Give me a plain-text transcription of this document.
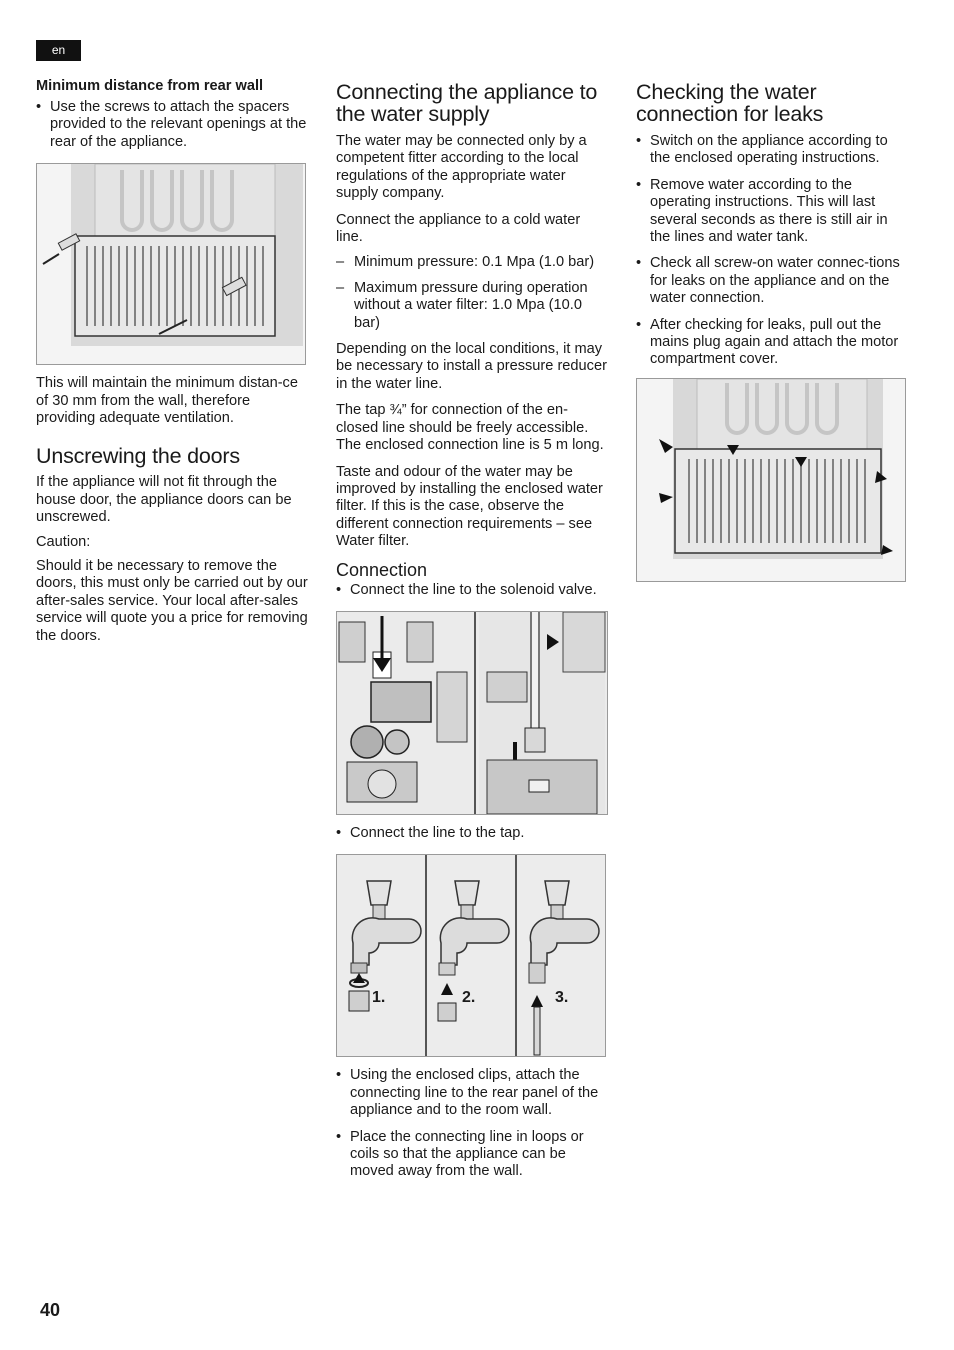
en

Minimum distance from rear wall

• Use the screws to attach the spacers provided to the relevant openings at the rear of the appliance.

This will maintain the minimum distan-ce of 30 mm from the wall, therefore providing adequate ventilation.

Unscrewing the doors

If the appliance will not fit through the house door, the appliance doors can be unscrewed.

Caution:

Should it be necessary to remove the doors, this must only be carried out by our after-sales service. Your local after-sales service will quote you a price for removing the doors.

Connecting the appliance to the water supply

The water may be connected only by a competent fitter according to the local regulations of the appropriate water supply company.

Connect the appliance to a cold water line.

– Minimum pressure: 0.1 Mpa (1.0 bar)
– Maximum pressure during operation without a water filter: 1.0 Mpa (10.0 bar)

Depending on the local conditions, it may be necessary to install a pressure reducer in the water line.

The tap ¾” for connection of the en-closed line should be freely accessible. The enclosed connection line is 5 m long.

Taste and odour of the water may be improved by installing the enclosed water filter. If this is the case, observe the different connection requirements – see Water filter.

Connection
• Connect the line to the solenoid valve.
• Connect the line to the tap.
1.	2.	3.
• Using the enclosed clips, attach the connecting line to the rear panel of the appliance and to the room wall.
• Place the connecting line in loops or coils so that the appliance can be moved away from the wall.
Checking the water connection for leaks
• Switch on the appliance according to the enclosed operating instructions.
• Remove water according to the operating instructions. This will last several seconds as there is still air in the lines and water tank.
• Check all screw-on water connec-tions for leaks on the appliance and on the water connection.
• After checking for leaks, pull out the mains plug again and attach the motor compartment cover.
40
